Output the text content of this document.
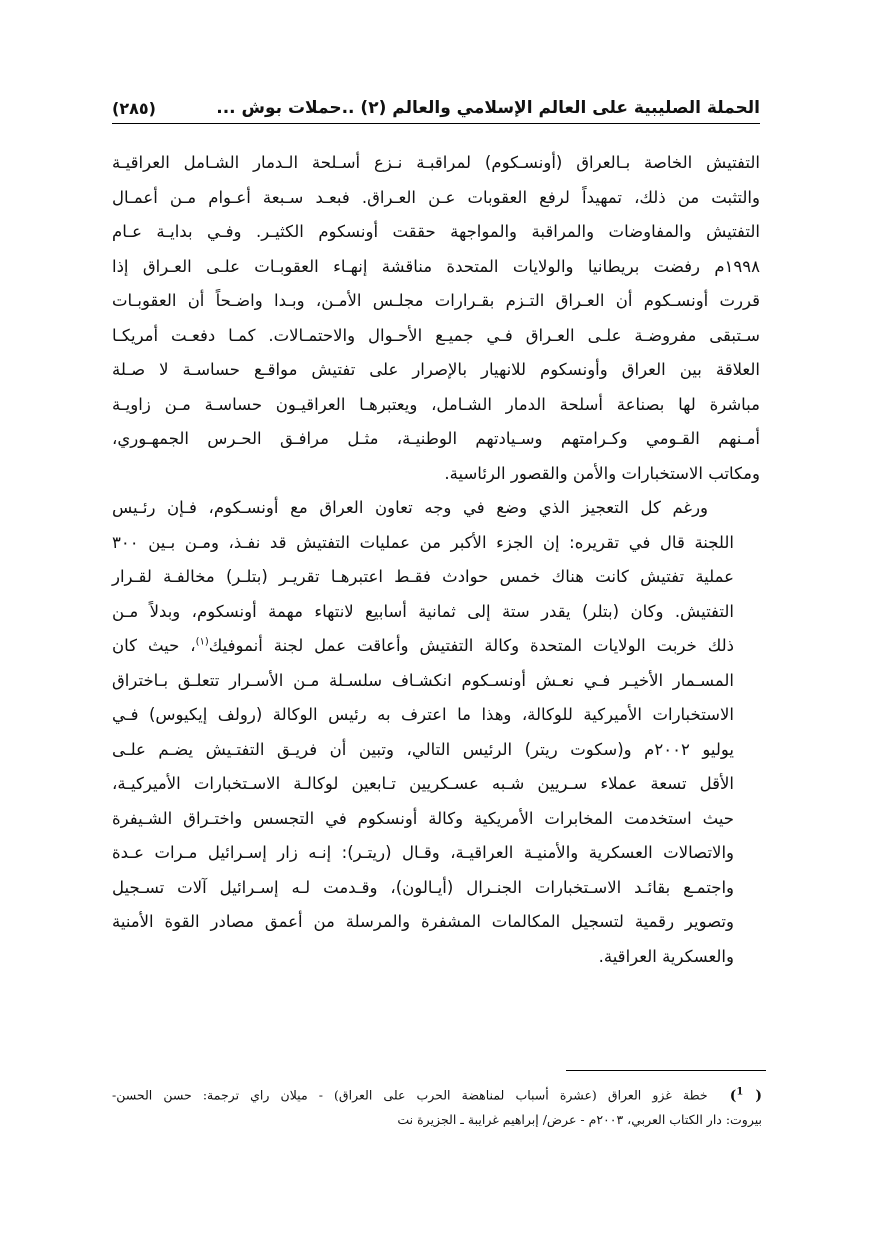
الحملة الصليبية على العالم الإسلامي والعالم (٢) ..حملات بوش ...
(٢٨٥)

التفتيش الخاصة بـالعراق (أونسـكوم) لمراقبـة نـزع أسـلحة الـدمار الشـامل العراقيـة
والتثبت من ذلك، تمهيداً لرفع العقوبات عـن العـراق. فبعـد سـبعة أعـوام مـن أعمـال
التفتيش والمفاوضات والمراقبة والمواجهة حققت أونسكوم الكثيـر. وفـي بدايـة عـام
١٩٩٨م رفضت بريطانيا والولايات المتحدة مناقشة إنهـاء العقوبـات علـى العـراق إذا
قررت أونسـكوم أن العـراق التـزم بقـرارات مجلـس الأمـن، وبـدا واضـحاً أن العقوبـات
سـتبقى مفروضـة علـى العـراق فـي جميـع الأحـوال والاحتمـالات. كمـا دفعـت أمريكـا
العلاقة بين العراق وأونسكوم للانهيار بالإصرار على تفتيش مواقـع حساسـة لا صـلة
مباشرة لها بصناعة أسلحة الدمار الشـامل، ويعتبرهـا العراقيـون حساسـة مـن زاويـة
أمـنهم القـومي وكـرامتهم وسـيادتهم الوطنيـة، مثـل مرافـق الحـرس الجمهـوري،
ومكاتب الاستخبارات والأمن والقصور الرئاسية.

ورغم كل التعجيز الذي وضع في وجه تعاون العراق مع أونسـكوم، فـإن رئـيس
اللجنة قال في تقريره: إن الجزء الأكبر من عمليات التفتيش قد نفـذ، ومـن بـين ٣٠٠
عملية تفتيش كانت هناك خمس حوادث فقـط اعتبرهـا تقريـر (بتلـر) مخالفـة لقـرار
التفتيش. وكان (بتلر) يقدر ستة إلى ثمانية أسابيع لانتهاء مهمة أونسكوم، وبدلاً مـن
ذلك خربت الولايات المتحدة وكالة التفتيش وأعاقت عمل لجنة أنموفيك$^{(١)}$، حيث كان
المسـمار الأخيـر فـي نعـش أونسـكوم انكشـاف سلسـلة مـن الأسـرار تتعلـق بـاختراق
الاستخبارات الأميركية للوكالة، وهذا ما اعترف به رئيس الوكالة (رولف إيكيوس) فـي
يوليو ٢٠٠٢م و(سكوت ريتر) الرئيس التالي، وتبين أن فريـق التفتـيش يضـم علـى
الأقل تسعة عملاء سـريين شـبه عسـكريين تـابعين لوكالـة الاسـتخبارات الأميركيـة،
حيث استخدمت المخابرات الأمريكية وكالة أونسكوم في التجسس واختـراق الشـيفرة
والاتصالات العسكرية والأمنيـة العراقيـة، وقـال (ريتـر): إنـه زار إسـرائيل مـرات عـدة
واجتمـع بقائـد الاسـتخبارات الجنـرال (أيـالون)، وقـدمت لـه إسـرائيل آلات تسـجيل
وتصوير رقمية لتسجيل المكالمات المشفرة والمرسلة من أعمق مصادر القوة الأمنية
والعسكرية العراقية.

( $^1$)  خطة غزو العراق (عشرة أسباب لمناهضة الحرب على العراق) - ميلان راي ترجمة: حسن الحسن-
بيروت: دار الكتاب العربي، ٢٠٠٣م - عرض/ إبراهيم غرايبة ـ الجزيرة نت
